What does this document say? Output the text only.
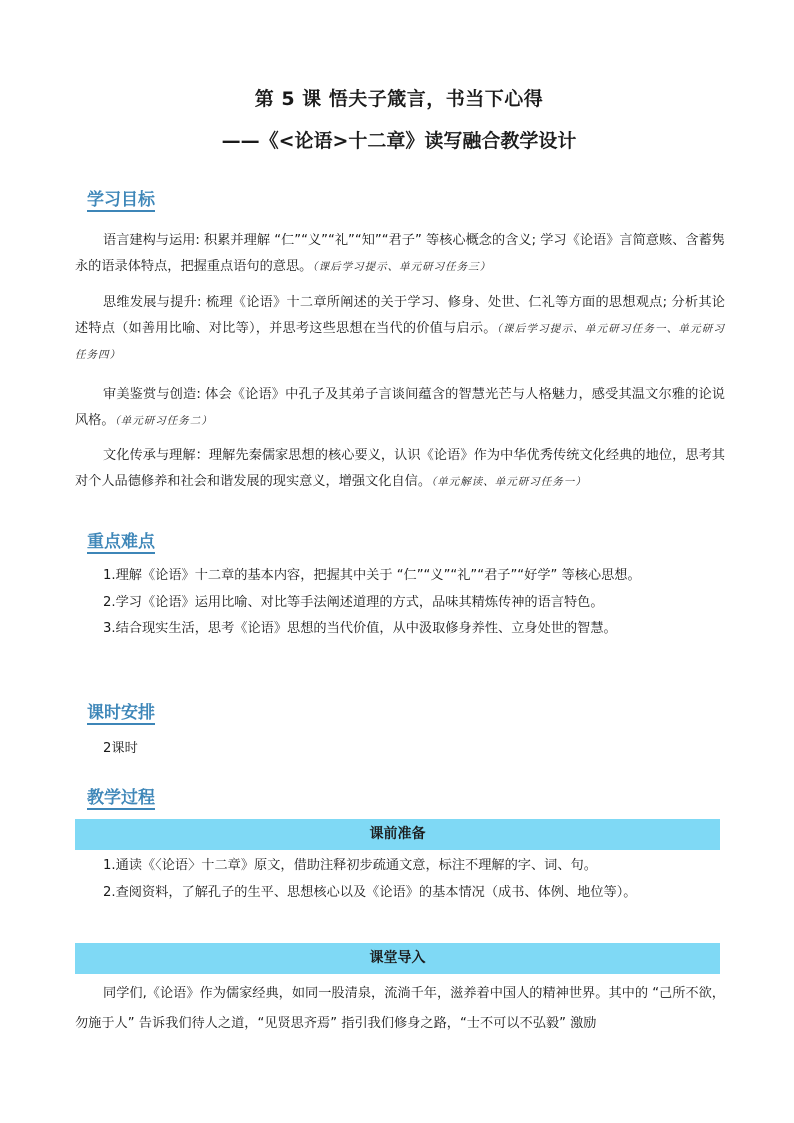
第 5 课 悟夫子箴言，书当下心得
——《<论语>十二章》读写融合教学设计
学习目标
语言建构与运用: 积累并理解 “仁”“义”“礼”“知”“君子” 等核心概念的含义; 学习《论语》言简意赅、含蓄隽永的语录体特点，把握重点语句的意思。（课后学习提示、单元研习任务三）
思维发展与提升: 梳理《论语》十二章所阐述的关于学习、修身、处世、仁礼等方面的思想观点; 分析其论述特点（如善用比喻、对比等），并思考这些思想在当代的价值与启示。（课后学习提示、单元研习任务一、单元研习任务四）
审美鉴赏与创造: 体会《论语》中孔子及其弟子言谈间蕴含的智慧光芒与人格魅力，感受其温文尔雅的论说风格。（单元研习任务二）
文化传承与理解：理解先秦儒家思想的核心要义，认识《论语》作为中华优秀传统文化经典的地位，思考其对个人品德修养和社会和谐发展的现实意义，增强文化自信。（单元解读、单元研习任务一）
重点难点
1.理解《论语》十二章的基本内容，把握其中关于 “仁”“义”“礼”“君子”“好学” 等核心思想。
2.学习《论语》运用比喻、对比等手法阐述道理的方式，品味其精炼传神的语言特色。
3.结合现实生活，思考《论语》思想的当代价值，从中汲取修身养性、立身处世的智慧。
课时安排
2课时
教学过程
课前准备
1.通读《〈论语〉十二章》原文，借助注释初步疏通文意，标注不理解的字、词、句。
2.查阅资料，了解孔子的生平、思想核心以及《论语》的基本情况（成书、体例、地位等）。
课堂导入
同学们,《论语》作为儒家经典，如同一股清泉，流淌千年，滋养着中国人的精神世界。其中的 “己所不欲，勿施于人” 告诉我们待人之道，“见贤思齐焉” 指引我们修身之路，“士不可以不弘毅” 激励
